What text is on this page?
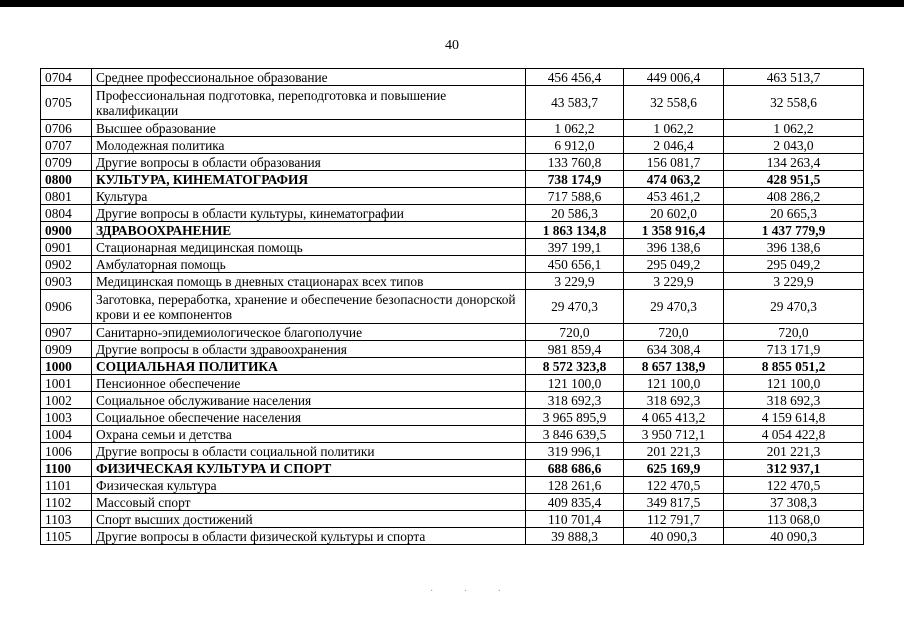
40
0704	Среднее профессиональное образование	456 456,4	449 006,4	463 513,7
0705	Профессиональная подготовка, переподготовка и повышение квалификации	43 583,7	32 558,6	32 558,6
0706	Высшее образование	1 062,2	1 062,2	1 062,2
0707	Молодежная политика	6 912,0	2 046,4	2 043,0
0709	Другие вопросы в области образования	133 760,8	156 081,7	134 263,4
0800	КУЛЬТУРА, КИНЕМАТОГРАФИЯ	738 174,9	474 063,2	428 951,5
0801	Культура	717 588,6	453 461,2	408 286,2
0804	Другие вопросы в области культуры, кинематографии	20 586,3	20 602,0	20 665,3
0900	ЗДРАВООХРАНЕНИЕ	1 863 134,8	1 358 916,4	1 437 779,9
0901	Стационарная медицинская помощь	397 199,1	396 138,6	396 138,6
0902	Амбулаторная помощь	450 656,1	295 049,2	295 049,2
0903	Медицинская помощь в дневных стационарах всех типов	3 229,9	3 229,9	3 229,9
0906	Заготовка, переработка, хранение и обеспечение безопасности донорской крови и ее компонентов	29 470,3	29 470,3	29 470,3
0907	Санитарно-эпидемиологическое благополучие	720,0	720,0	720,0
0909	Другие вопросы в области здравоохранения	981 859,4	634 308,4	713 171,9
1000	СОЦИАЛЬНАЯ ПОЛИТИКА	8 572 323,8	8 657 138,9	8 855 051,2
1001	Пенсионное обеспечение	121 100,0	121 100,0	121 100,0
1002	Социальное обслуживание населения	318 692,3	318 692,3	318 692,3
1003	Социальное обеспечение населения	3 965 895,9	4 065 413,2	4 159 614,8
1004	Охрана семьи и детства	3 846 639,5	3 950 712,1	4 054 422,8
1006	Другие вопросы в области социальной политики	319 996,1	201 221,3	201 221,3
1100	ФИЗИЧЕСКАЯ КУЛЬТУРА И СПОРТ	688 686,6	625 169,9	312 937,1
1101	Физическая культура	128 261,6	122 470,5	122 470,5
1102	Массовый спорт	409 835,4	349 817,5	37 308,3
1103	Спорт высших достижений	110 701,4	112 791,7	113 068,0
1105	Другие вопросы в области физической культуры и спорта	39 888,3	40 090,3	40 090,3
· · ·
